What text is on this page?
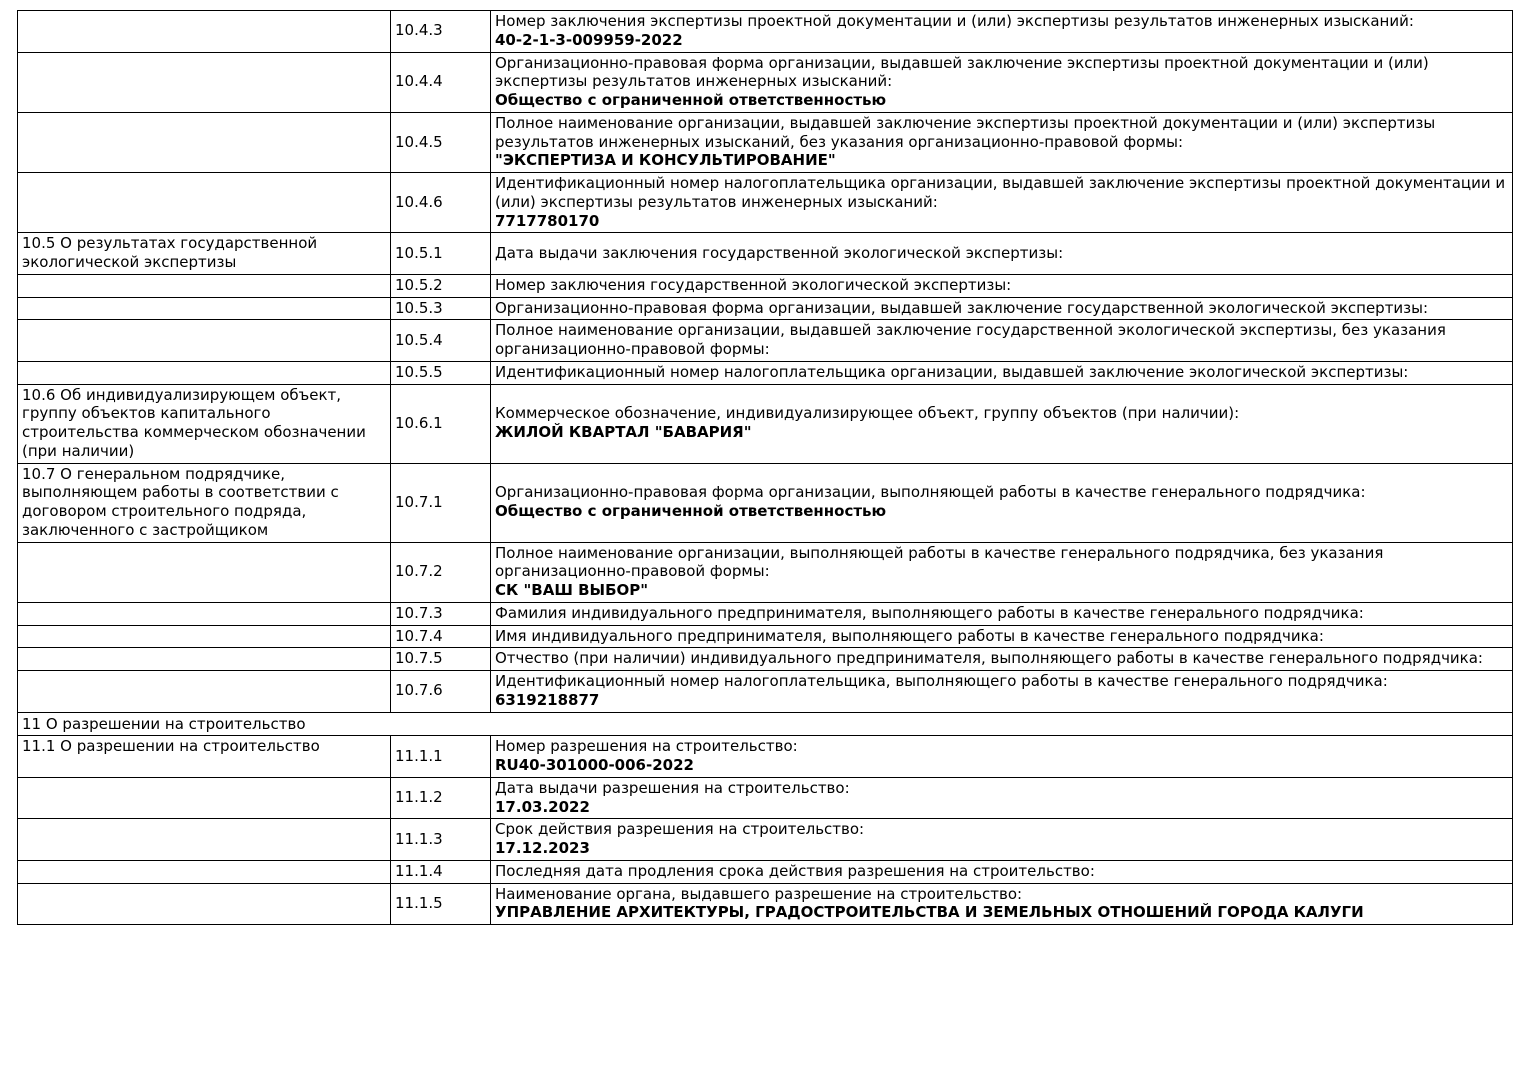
	10.4.3	Номер заключения экспертизы проектной документации и (или) экспертизы результатов инженерных изысканий:
40-2-1-3-009959-2022

	10.4.4	Организационно-правовая форма организации, выдавшей заключение экспертизы проектной документации и (или) экспертизы результатов инженерных изысканий:
Общество с ограниченной ответственностью

	10.4.5	Полное наименование организации, выдавшей заключение экспертизы проектной документации и (или) экспертизы результатов инженерных изысканий, без указания организационно-правовой формы:
"ЭКСПЕРТИЗА И КОНСУЛЬТИРОВАНИЕ"

	10.4.6	Идентификационный номер налогоплательщика организации, выдавшей заключение экспертизы проектной документации и (или) экспертизы результатов инженерных изысканий:
7717780170

10.5 О результатах государственной экологической экспертизы	10.5.1	Дата выдачи заключения государственной экологической экспертизы:

	10.5.2	Номер заключения государственной экологической экспертизы:

	10.5.3	Организационно-правовая форма организации, выдавшей заключение государственной экологической экспертизы:

	10.5.4	Полное наименование организации, выдавшей заключение государственной экологической экспертизы, без указания организационно-правовой формы:

	10.5.5	Идентификационный номер налогоплательщика организации, выдавшей заключение экологической экспертизы:

10.6 Об индивидуализирующем объект, группу объектов капитального строительства коммерческом обозначении (при наличии)	10.6.1	Коммерческое обозначение, индивидуализирующее объект, группу объектов (при наличии):
ЖИЛОЙ КВАРТАЛ "БАВАРИЯ"

10.7 О генеральном подрядчике, выполняющем работы в соответствии с договором строительного подряда, заключенного с застройщиком	10.7.1	Организационно-правовая форма организации, выполняющей работы в качестве генерального подрядчика:
Общество с ограниченной ответственностью

	10.7.2	Полное наименование организации, выполняющей работы в качестве генерального подрядчика, без указания организационно-правовой формы:
СК "ВАШ ВЫБОР"

	10.7.3	Фамилия индивидуального предпринимателя, выполняющего работы в качестве генерального подрядчика:

	10.7.4	Имя индивидуального предпринимателя, выполняющего работы в качестве генерального подрядчика:

	10.7.5	Отчество (при наличии) индивидуального предпринимателя, выполняющего работы в качестве генерального подрядчика:

	10.7.6	Идентификационный номер налогоплательщика, выполняющего работы в качестве генерального подрядчика:
6319218877

11 О разрешении на строительство		
11.1 О разрешении на строительство	11.1.1	Номер разрешения на строительство:
RU40-301000-006-2022

	11.1.2	Дата выдачи разрешения на строительство:
17.03.2022

	11.1.3	Срок действия разрешения на строительство:
17.12.2023

	11.1.4	Последняя дата продления срока действия разрешения на строительство:

	11.1.5	Наименование органа, выдавшего разрешение на строительство:
УПРАВЛЕНИЕ АРХИТЕКТУРЫ, ГРАДОСТРОИТЕЛЬСТВА И ЗЕМЕЛЬНЫХ ОТНОШЕНИЙ ГОРОДА КАЛУГИ
